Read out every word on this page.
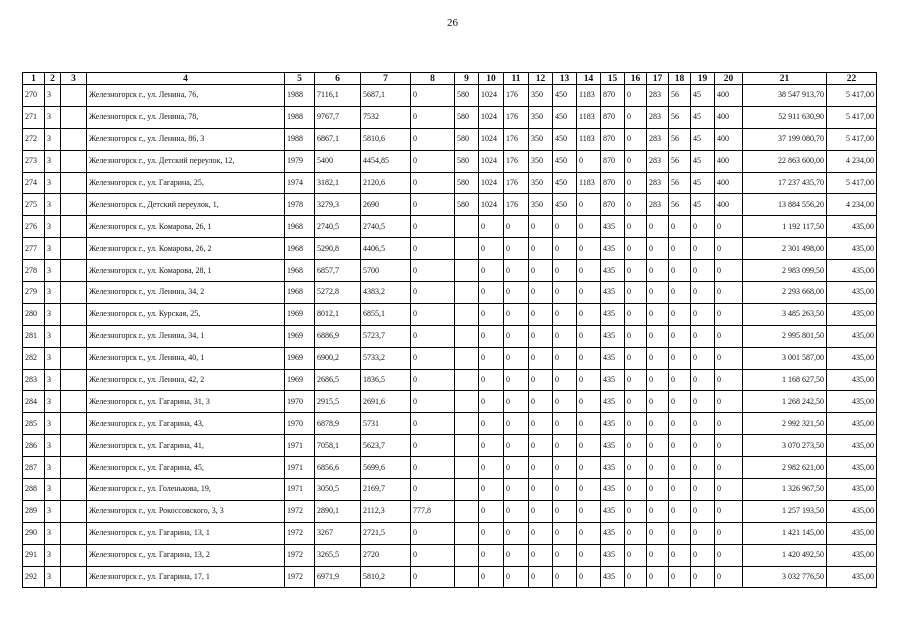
26
1	2	3	4	5	6	7	8	9	10	11	12	13	14	15	16	17	18	19	20	21	22
270	3		Железногорск г., ул. Ленина, 76,	1988	7116,1	5687,1	0	580	1024	176	350	450	1183	870	0	283	56	45	400	38 547 913,70	5 417,00
271	3		Железногорск г., ул. Ленина, 78,	1988	9767,7	7532	0	580	1024	176	350	450	1183	870	0	283	56	45	400	52 911 630,90	5 417,00
272	3		Железногорск г., ул. Ленина, 86, 3	1988	6867,1	5810,6	0	580	1024	176	350	450	1183	870	0	283	56	45	400	37 199 080,70	5 417,00
273	3		Железногорск г., ул. Детский переулок, 12,	1979	5400	4454,85	0	580	1024	176	350	450	0	870	0	283	56	45	400	22 863 600,00	4 234,00
274	3		Железногорск г., ул. Гагарина, 25,	1974	3182,1	2120,6	0	580	1024	176	350	450	1183	870	0	283	56	45	400	17 237 435,70	5 417,00
275	3		Железногорск г., Детский переулок, 1,	1978	3279,3	2690	0	580	1024	176	350	450	0	870	0	283	56	45	400	13 884 556,20	4 234,00
276	3		Железногорск г., ул. Комарова, 26, 1	1968	2740,5	2740,5	0		0	0	0	0	0	435	0	0	0	0	0	1 192 117,50	435,00
277	3		Железногорск г., ул. Комарова, 26, 2	1968	5290,8	4406,5	0		0	0	0	0	0	435	0	0	0	0	0	2 301 498,00	435,00
278	3		Железногорск г., ул. Комарова, 28, 1	1968	6857,7	5700	0		0	0	0	0	0	435	0	0	0	0	0	2 983 099,50	435,00
279	3		Железногорск г., ул. Ленина, 34, 2	1968	5272,8	4383,2	0		0	0	0	0	0	435	0	0	0	0	0	2 293 668,00	435,00
280	3		Железногорск г., ул. Курская, 25,	1969	8012,1	6855,1	0		0	0	0	0	0	435	0	0	0	0	0	3 485 263,50	435,00
281	3		Железногорск г., ул. Ленина, 34, 1	1969	6886,9	5723,7	0		0	0	0	0	0	435	0	0	0	0	0	2 995 801,50	435,00
282	3		Железногорск г., ул. Ленина, 40, 1	1969	6900,2	5733,2	0		0	0	0	0	0	435	0	0	0	0	0	3 001 587,00	435,00
283	3		Железногорск г., ул. Ленина, 42, 2	1969	2686,5	1836,5	0		0	0	0	0	0	435	0	0	0	0	0	1 168 627,50	435,00
284	3		Железногорск г., ул. Гагарина, 31, 3	1970	2915,5	2691,6	0		0	0	0	0	0	435	0	0	0	0	0	1 268 242,50	435,00
285	3		Железногорск г., ул. Гагарина, 43,	1970	6878,9	5731	0		0	0	0	0	0	435	0	0	0	0	0	2 992 321,50	435,00
286	3		Железногорск г., ул. Гагарина, 41,	1971	7058,1	5623,7	0		0	0	0	0	0	435	0	0	0	0	0	3 070 273,50	435,00
287	3		Железногорск г., ул. Гагарина, 45,	1971	6856,6	5699,6	0		0	0	0	0	0	435	0	0	0	0	0	2 982 621,00	435,00
288	3		Железногорск г., ул. Голенькова, 19,	1971	3050,5	2169,7	0		0	0	0	0	0	435	0	0	0	0	0	1 326 967,50	435,00
289	3		Железногорск г., ул. Рокоссовского, 3, 3	1972	2890,1	2112,3	777,8		0	0	0	0	0	435	0	0	0	0	0	1 257 193,50	435,00
290	3		Железногорск г., ул. Гагарина, 13, 1	1972	3267	2721,5	0		0	0	0	0	0	435	0	0	0	0	0	1 421 145,00	435,00
291	3		Железногорск г., ул. Гагарина, 13, 2	1972	3265,5	2720	0		0	0	0	0	0	435	0	0	0	0	0	1 420 492,50	435,00
292	3		Железногорск г., ул. Гагарина, 17, 1	1972	6971,9	5810,2	0		0	0	0	0	0	435	0	0	0	0	0	3 032 776,50	435,00
